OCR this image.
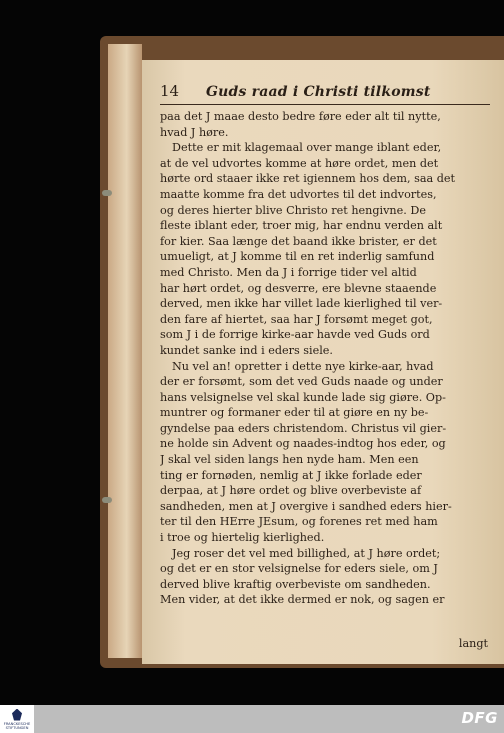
14	Guds raad i Christi tilkomst
paa det J maae desto bedre føre eder alt til nytte,
hvad J høre.
Dette er mit klagemaal over mange iblant eder,
at de vel udvortes komme at høre ordet, men det
hørte ord staaer ikke ret igiennem hos dem, saa det
maatte komme fra det udvortes til det indvortes,
og deres hierter blive Christo ret hengivne. De
fleste iblant eder, troer mig, har endnu verden alt
for kier. Saa længe det baand ikke brister, er det
umueligt, at J komme til en ret inderlig samfund
med Christo. Men da J i forrige tider vel altid
har hørt ordet, og desverre, ere blevne staaende
derved, men ikke har villet lade kierlighed til ver-
den fare af hiertet, saa har J forsømt meget got,
som J i de forrige kirke-aar havde ved Guds ord
kundet sanke ind i eders siele.
Nu vel an! opretter i dette nye kirke-aar, hvad
der er forsømt, som det ved Guds naade og under
hans velsignelse vel skal kunde lade sig giøre. Op-
muntrer og formaner eder til at giøre en ny be-
gyndelse paa eders christendom. Christus vil gier-
ne holde sin Advent og naades-indtog hos eder, og
J skal vel siden langs hen nyde ham. Men een
ting er fornøden, nemlig at J ikke forlade eder
derpaa, at J høre ordet og blive overbeviste af
sandheden, men at J overgive i sandhed eders hier-
ter til den HErre JEsum, og forenes ret med ham
i troe og hiertelig kierlighed.
Jeg roser det vel med billighed, at J høre ordet;
og det er en stor velsignelse for eders siele, om J
derved blive kraftig overbeviste om sandheden.
Men vider, at det ikke dermed er nok, og sagen er
langt
FRANCKESCHE STIFTUNGEN
DFG
